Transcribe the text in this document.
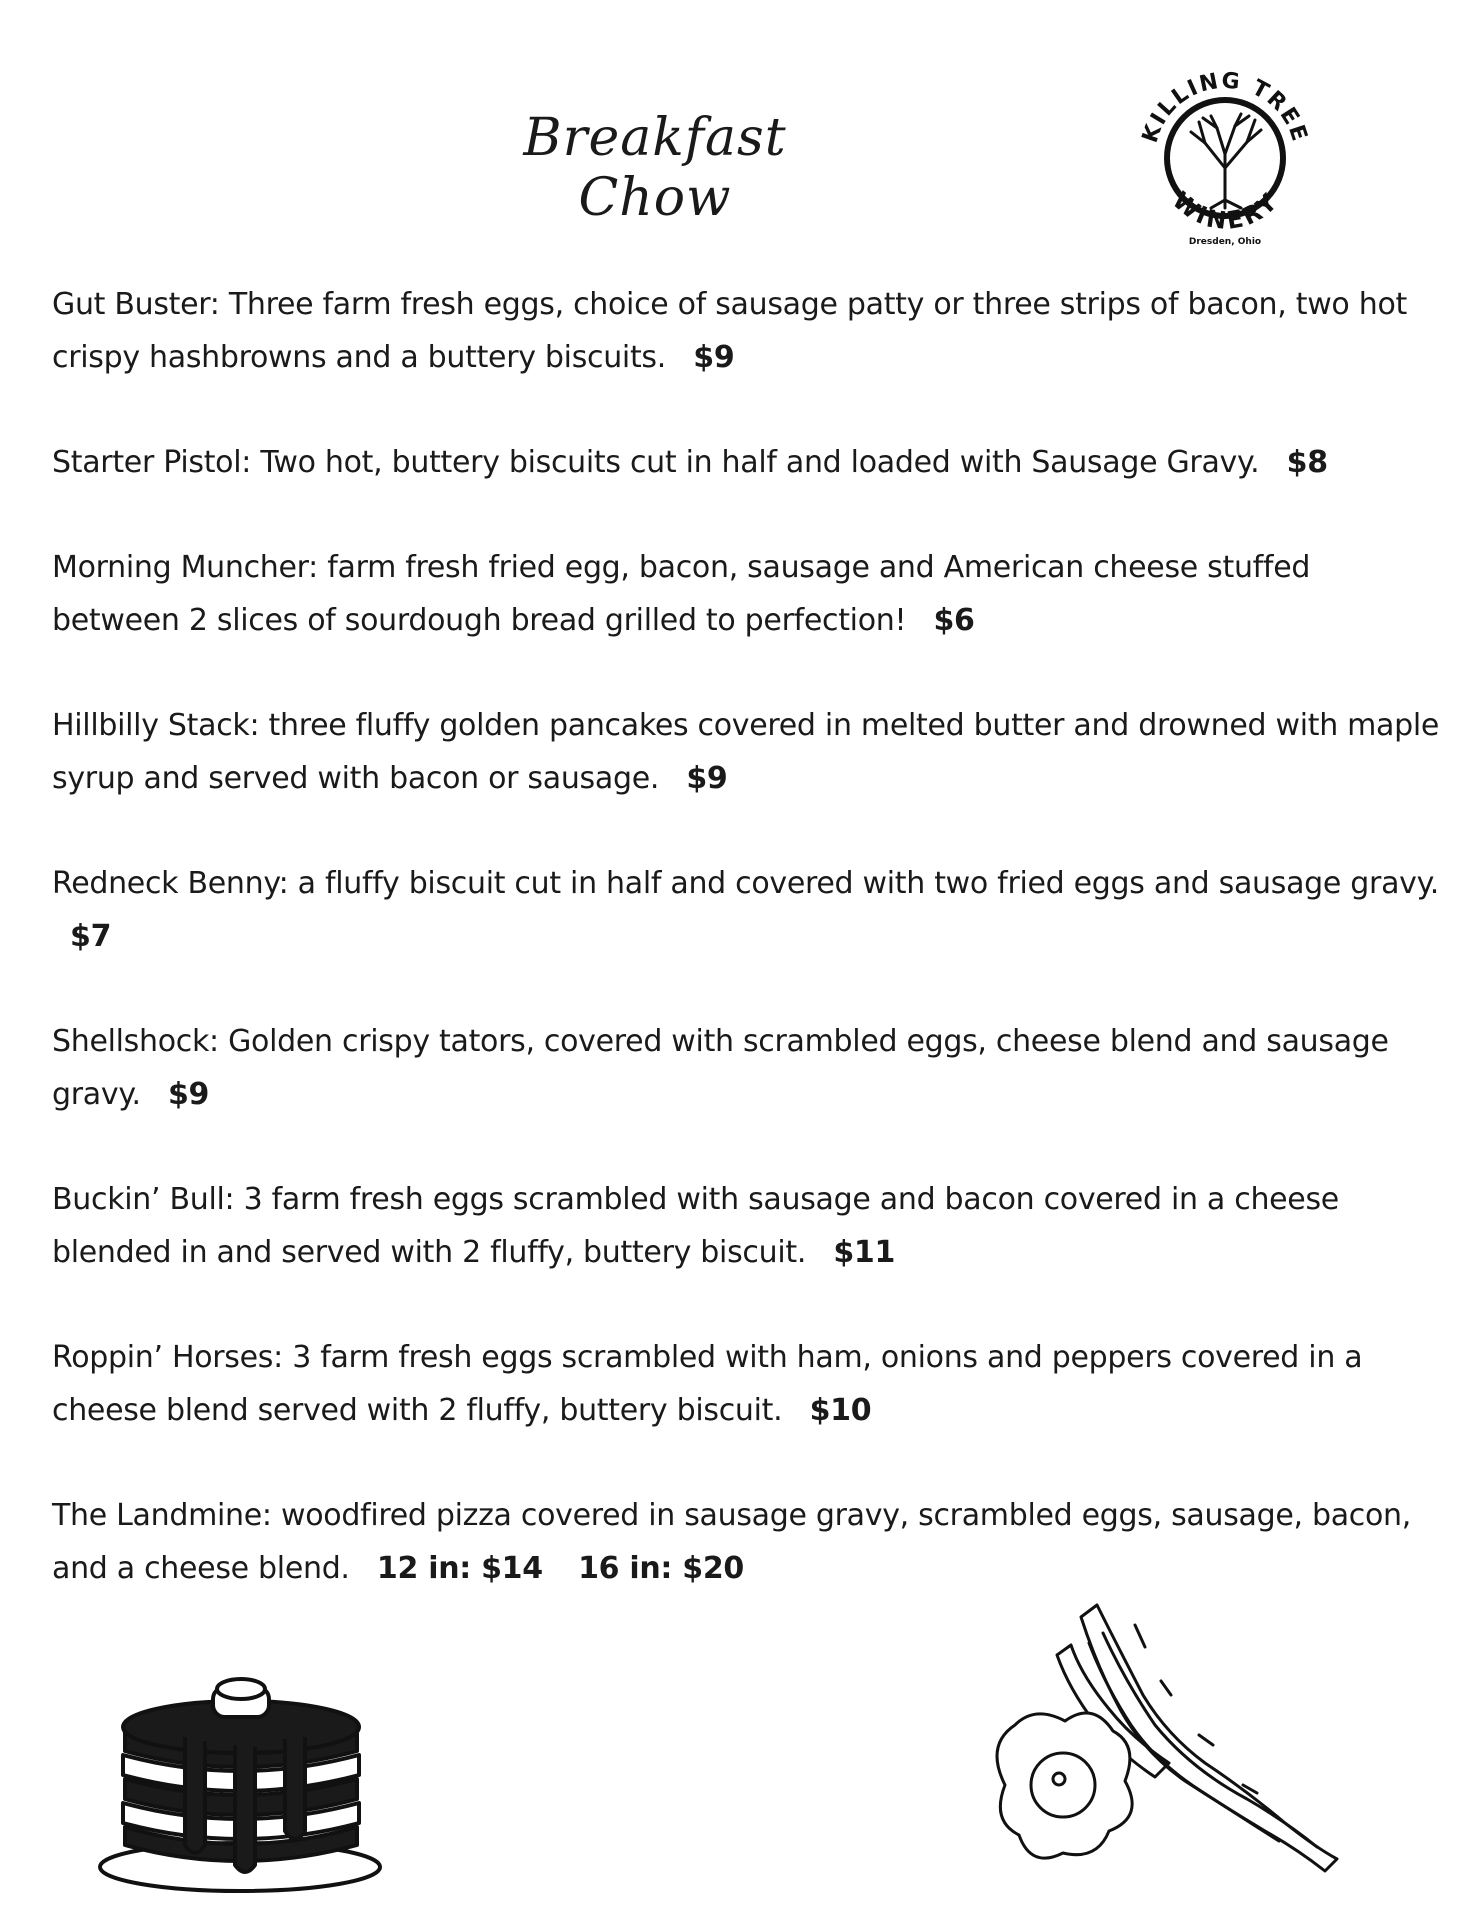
Breakfast Chow
KILLING TREE
WINERY
Dresden, Ohio
Gut Buster: Three farm fresh eggs, choice of sausage patty or three strips of bacon, two hot crispy hashbrowns and a buttery biscuits. $9
Starter Pistol: Two hot, buttery biscuits cut in half and loaded with Sausage Gravy. $8
Morning Muncher: farm fresh fried egg, bacon, sausage and American cheese stuffed between 2 slices of sourdough bread grilled to perfection! $6
Hillbilly Stack: three fluffy golden pancakes covered in melted butter and drowned with maple syrup and served with bacon or sausage. $9
Redneck Benny: a fluffy biscuit cut in half and covered with two fried eggs and sausage gravy. $7
Shellshock: Golden crispy tators, covered with scrambled eggs, cheese blend and sausage gravy. $9
Buckin’ Bull: 3 farm fresh eggs scrambled with sausage and bacon covered in a cheese blended in and served with 2 fluffy, buttery biscuit. $11
Roppin’ Horses: 3 farm fresh eggs scrambled with ham, onions and peppers covered in a cheese blend served with 2 fluffy, buttery biscuit. $10
The Landmine: woodfired pizza covered in sausage gravy, scrambled eggs, sausage, bacon, and a cheese blend. 12 in: $14 16 in: $20
